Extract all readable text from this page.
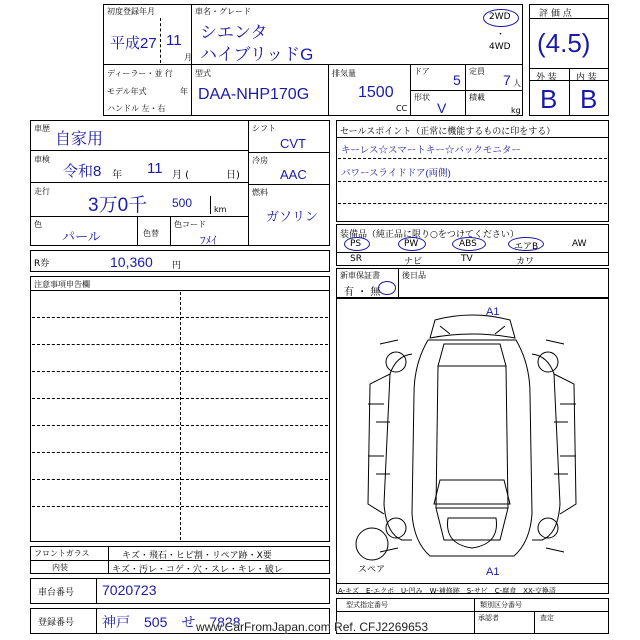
初度登録年月
平成27 11
月
車名・グレード
シエンタ
ハイブリッドG
2WD
・
4WD
ディーラー・並 行
モデル年式	年
ハンドル 左・右
型式
DAA-NHP170G
排気量
1500
CC
ドア
5
形状
V
定員
7 人
積載
kg
評 価 点
(4.5)
外 装 内 装
B B
車歴
自家用
車検
令和8 年 11 月 (	日)
走行
3万0千 500	km
色
パール	色替
色コード
ﾌﾒｲ
シフト
CVT
冷房
AAC
燃料
ガソリン
R券	10,360 円
注意事項申告欄
セールスポイント（正常に機能するものに印をする）
キーレス☆スマートキー☆バックモニター
パワースライドドア(両側)
装備品（純正品に限り○をつけてください）
PS	PW	ABS	エアB	AW
SR	ナビ	TV	カワ
新車保証書
有 ・ 無
後日品
A1
A1
スペア
A-キズ　E-エクボ　U-凹み　W-補修跡　S-サビ　C-腐食　XX-交換済
フロントガラス	キズ・飛石・ヒビ割・リペア跡・X要
内装	キズ・汚レ・コゲ・穴・スレ・キレ・破レ
車台番号 7020723
登録番号 神戸　505　せ　7828
型式指定番号	類別区分番号
承認者	査定
www.CarFromJapan.com Ref. CFJ2269653
